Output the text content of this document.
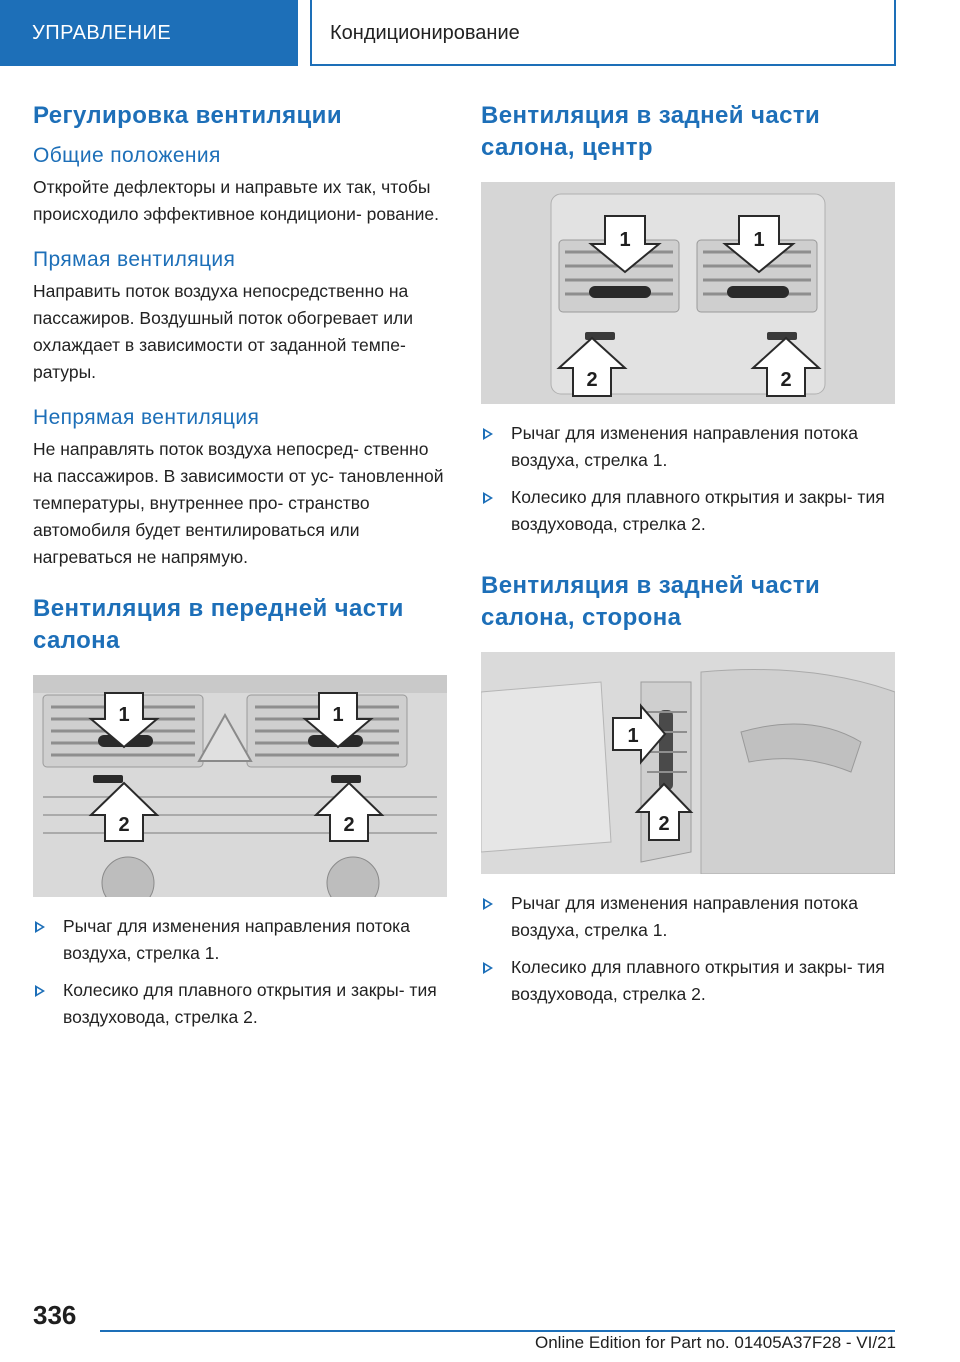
УПРАВЛЕНИЕ	Кондиционирование
Регулировка вентиляции
Общие положения

Откройте дефлекторы и направьте их так, чтобы происходило эффективное кондициони- рование.

Прямая вентиляция

Направить поток воздуха непосредственно на пассажиров. Воздушный поток обогревает или охлаждает в зависимости от заданной темпе- ратуры.

Непрямая вентиляция

Не направлять поток воздуха непосред- ственно на пассажиров. В зависимости от ус- тановленной температуры, внутреннее про- странство автомобиля будет вентилироваться или нагреваться не напрямую.

Вентиляция в передней части салона
1	1
2	2
Рычаг для изменения направления потока воздуха, стрелка 1.
Колесико для плавного открытия и закры- тия воздуховода, стрелка 2.
Вентиляция в задней части салона, центр
1	1
2	2
Рычаг для изменения направления потока воздуха, стрелка 1.
Колесико для плавного открытия и закры- тия воздуховода, стрелка 2.
Вентиляция в задней части салона, сторона
1
2
Рычаг для изменения направления потока воздуха, стрелка 1.
Колесико для плавного открытия и закры- тия воздуховода, стрелка 2.
336
Online Edition for Part no. 01405A37F28 - VI/21
